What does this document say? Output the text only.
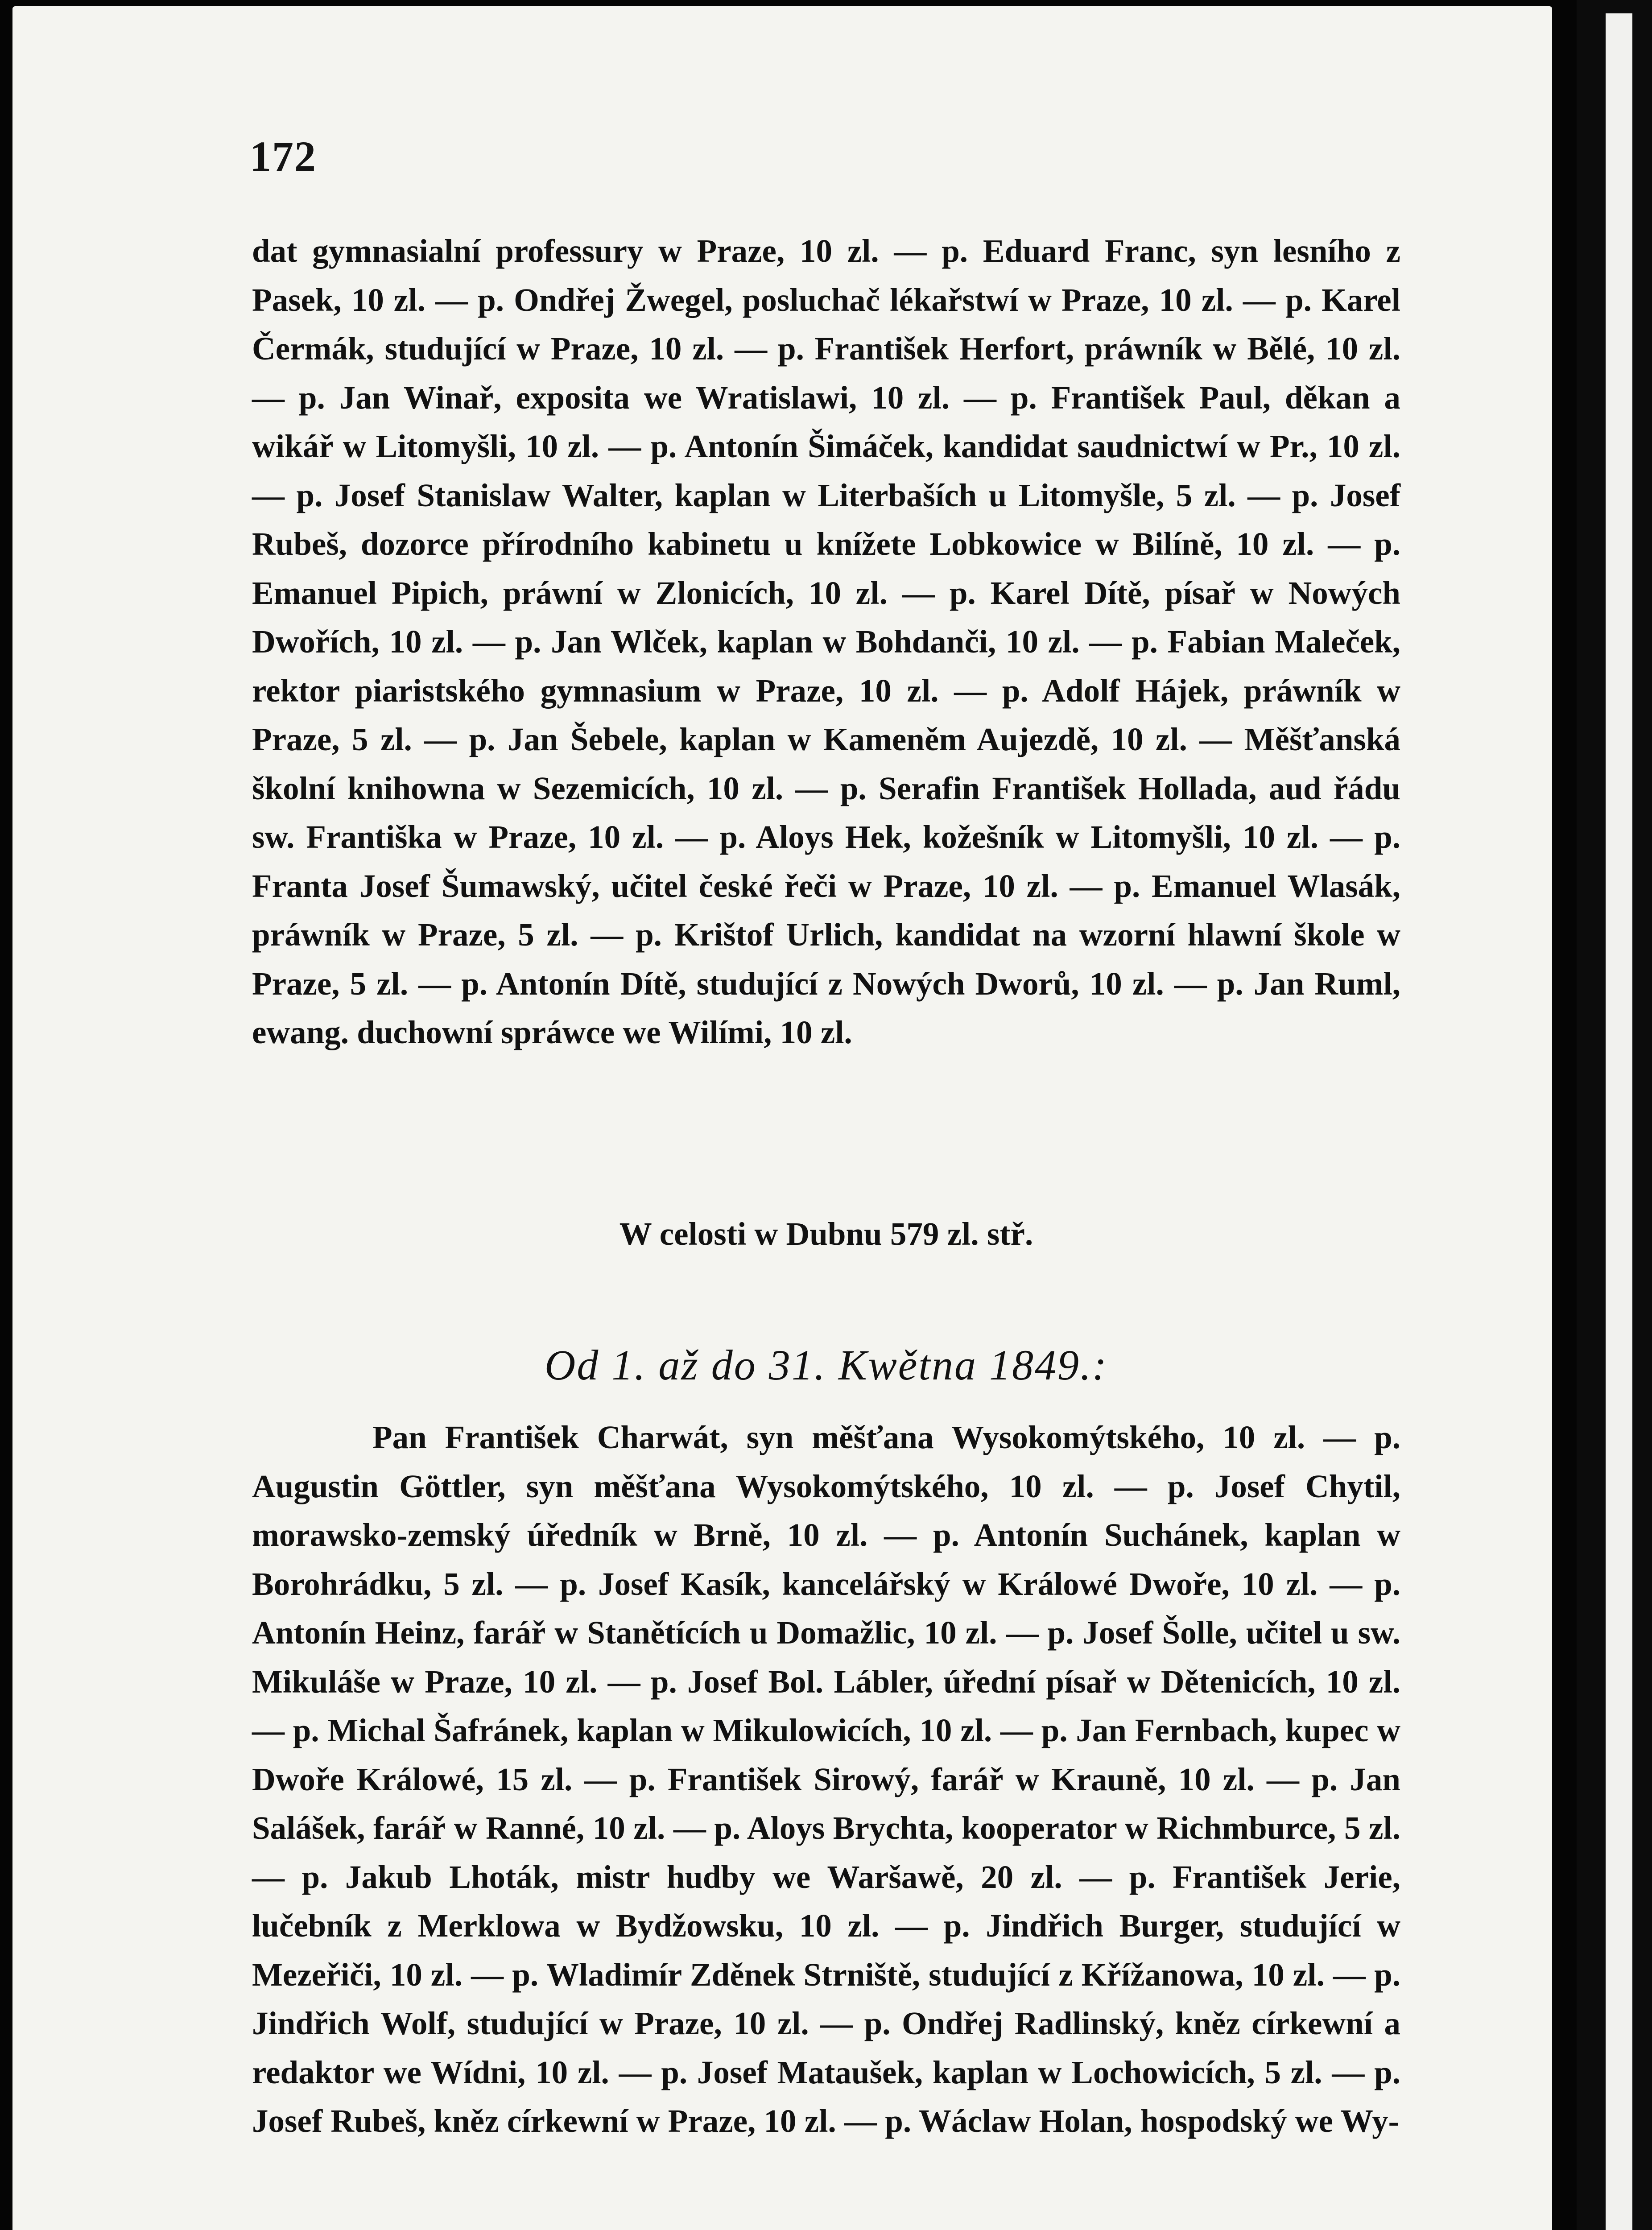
172

dat gymnasialní professury w Praze, 10 zl. — p. Eduard Franc, syn lesního z Pasek, 10 zl. — p. Ondřej Žwegel, posluchač lékařstwí w Praze, 10 zl. — p. Karel Čermák, studující w Praze, 10 zl. — p. František Herfort, práwník w Bělé, 10 zl. — p. Jan Winař, exposita we Wratislawi, 10 zl. — p. František Paul, děkan a wikář w Litomyšli, 10 zl. — p. Antonín Šimáček, kandidat saudnictwí w Pr., 10 zl. — p. Josef Stanislaw Walter, kaplan w Literbaších u Litomyšle, 5 zl. — p. Josef Rubeš, dozorce přírodního kabinetu u knížete Lobkowice w Bilíně, 10 zl. — p. Emanuel Pipich, práwní w Zlonicích, 10 zl. — p. Karel Dítě, písař w Nowých Dwořích, 10 zl. — p. Jan Wlček, kaplan w Bohdanči, 10 zl. — p. Fabian Maleček, rektor piaristského gymnasium w Praze, 10 zl. — p. Adolf Hájek, práwník w Praze, 5 zl. — p. Jan Šebele, kaplan w Kameněm Aujezdě, 10 zl. — Měšťanská školní knihowna w Sezemicích, 10 zl. — p. Serafin František Hollada, aud řádu sw. Františka w Praze, 10 zl. — p. Aloys Hek, kožešník w Litomyšli, 10 zl. — p. Franta Josef Šumawský, učitel české řeči w Praze, 10 zl. — p. Emanuel Wlasák, práwník w Praze, 5 zl. — p. Krištof Urlich, kandidat na wzorní hlawní škole w Praze, 5 zl. — p. Antonín Dítě, studující z Nowých Dworů, 10 zl. — p. Jan Ruml, ewang. duchowní spráwce we Wilími, 10 zl.

W celosti w Dubnu 579 zl. stř.
Od 1. až do 31. Kwětna 1849.:

Pan František Charwát, syn měšťana Wysokomýtského, 10 zl. — p. Augustin Göttler, syn měšťana Wysokomýtského, 10 zl. — p. Josef Chytil, morawsko-zemský úředník w Brně, 10 zl. — p. Antonín Suchánek, kaplan w Borohrádku, 5 zl. — p. Josef Kasík, kancelářský w Králowé Dwoře, 10 zl. — p. Antonín Heinz, farář w Stanětících u Domažlic, 10 zl. — p. Josef Šolle, učitel u sw. Mikuláše w Praze, 10 zl. — p. Josef Bol. Lábler, úřední písař w Dětenicích, 10 zl. — p. Michal Šafránek, kaplan w Mikulowicích, 10 zl. — p. Jan Fernbach, kupec w Dwoře Králowé, 15 zl. — p. František Sirowý, farář w Krauně, 10 zl. — p. Jan Salášek, farář w Ranné, 10 zl. — p. Aloys Brychta, kooperator w Richmburce, 5 zl. — p. Jakub Lhoták, mistr hudby we Waršawě, 20 zl. — p. František Jerie, lučebník z Merklowa w Bydžowsku, 10 zl. — p. Jindřich Burger, studující w Mezeřiči, 10 zl. — p. Wladimír Zděnek Strniště, studující z Křížanowa, 10 zl. — p. Jindřich Wolf, studující w Praze, 10 zl. — p. Ondřej Radlinský, kněz církewní a redaktor we Wídni, 10 zl. — p. Josef Mataušek, kaplan w Lochowicích, 5 zl. — p. Josef Rubeš, kněz církewní w Praze, 10 zl. — p. Wáclaw Holan, hospodský we Wy-
